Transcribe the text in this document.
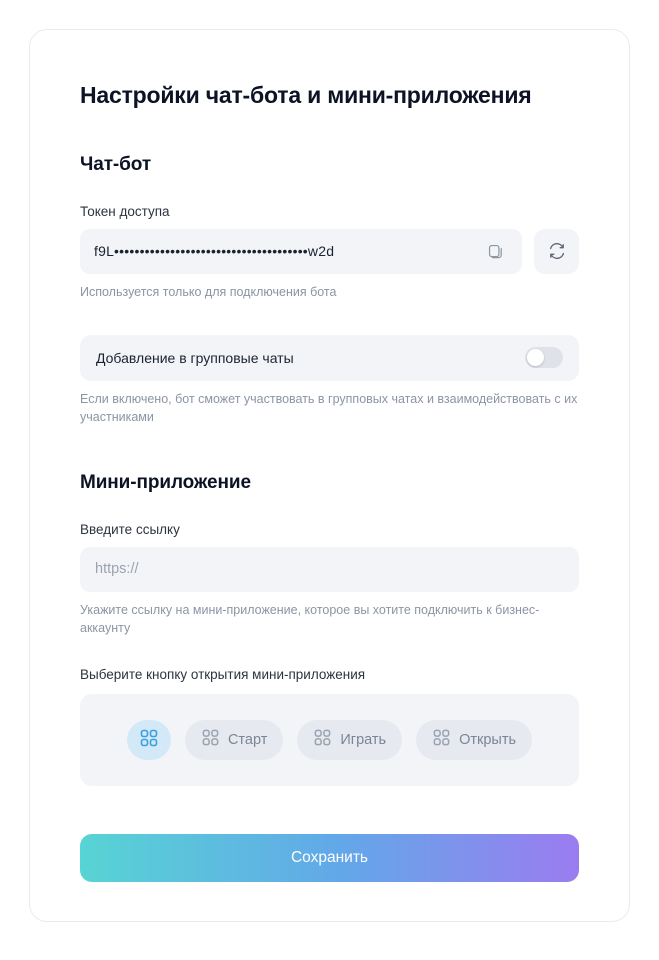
Настройки чат-бота и мини-приложения
Чат-бот
Токен доступа
f9L••••••••••••••••••••••••••••••••••••••w2d

Используется только для подключения бота

Добавление в групповые чаты

Если включено, бот сможет участвовать в групповых чатах и взаимодействовать с их участниками

Мини-приложение
Введите ссылку
https://

Укажите ссылку на мини-приложение, которое вы хотите подключить к бизнес-аккаунту

Выберите кнопку открытия мини-приложения
Старт	Играть	Открыть
Сохранить
